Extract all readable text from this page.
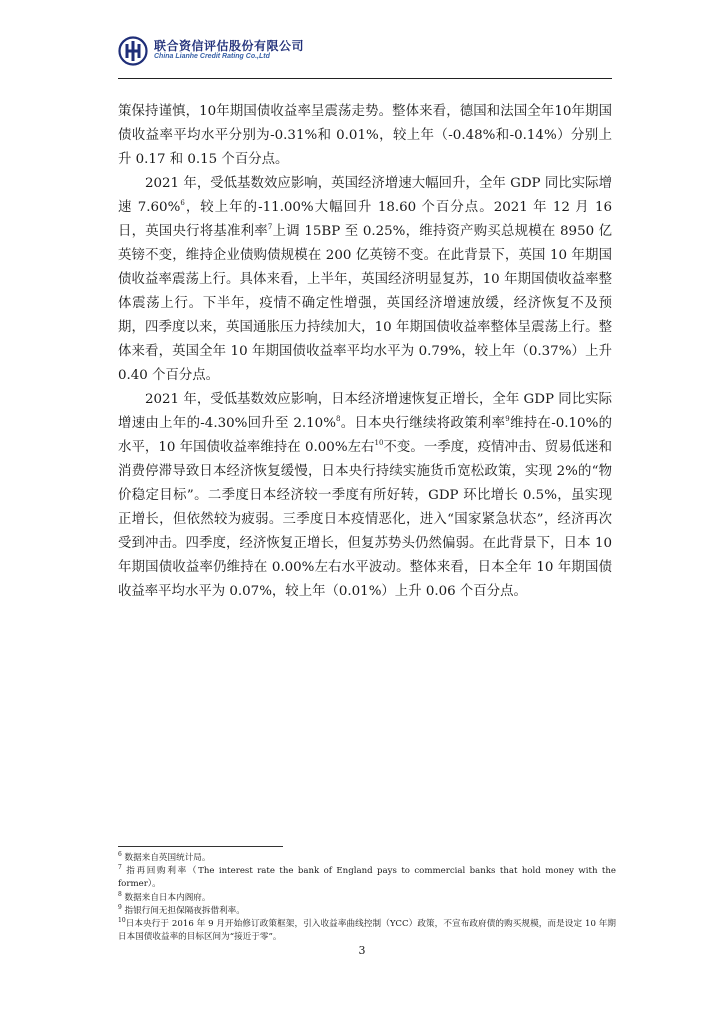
联合资信评估股份有限公司
China Lianhe Credit Rating Co.,Ltd

策保持谨慎，10年期国债收益率呈震荡走势。整体来看，德国和法国全年10年期国债收益率平均水平分别为-0.31%和 0.01%，较上年（-0.48%和-0.14%）分别上升 0.17 和 0.15 个百分点。

2021 年，受低基数效应影响，英国经济增速大幅回升，全年 GDP 同比实际增速 7.60%$^6$，较上年的-11.00%大幅回升 18.60 个百分点。2021 年 12 月 16 日，英国央行将基准利率$^7$上调 15BP 至 0.25%，维持资产购买总规模在 8950 亿英镑不变，维持企业债购债规模在 200 亿英镑不变。在此背景下，英国 10 年期国债收益率震荡上行。具体来看，上半年，英国经济明显复苏，10 年期国债收益率整体震荡上行。下半年，疫情不确定性增强，英国经济增速放缓，经济恢复不及预期，四季度以来，英国通胀压力持续加大，10 年期国债收益率整体呈震荡上行。整体来看，英国全年 10 年期国债收益率平均水平为 0.79%，较上年（0.37%）上升 0.40 个百分点。

2021 年，受低基数效应影响，日本经济增速恢复正增长，全年 GDP 同比实际增速由上年的-4.30%回升至 2.10%$^8$。日本央行继续将政策利率$^9$维持在-0.10%的水平，10 年国债收益率维持在 0.00%左右$^{10}$不变。一季度，疫情冲击、贸易低迷和消费停滞导致日本经济恢复缓慢，日本央行持续实施货币宽松政策，实现 2%的“物价稳定目标”。二季度日本经济较一季度有所好转，GDP 环比增长 0.5%，虽实现正增长，但依然较为疲弱。三季度日本疫情恶化，进入“国家紧急状态”，经济再次受到冲击。四季度，经济恢复正增长，但复苏势头仍然偏弱。在此背景下，日本 10 年期国债收益率仍维持在 0.00%左右水平波动。整体来看，日本全年 10 年期国债收益率平均水平为 0.07%，较上年（0.01%）上升 0.06 个百分点。

$^6$ 数据来自英国统计局。

$^7$ 指再回购利率（The interest rate the bank of England pays to commercial banks that hold money with the former）。

$^8$ 数据来自日本内阁府。

$^9$ 指银行间无担保隔夜拆借利率。

$^{10}$日本央行于 2016 年 9 月开始修订政策框架，引入收益率曲线控制（YCC）政策，不宣布政府债的购买规模，而是设定 10 年期日本国债收益率的目标区间为“接近于零”。

3
